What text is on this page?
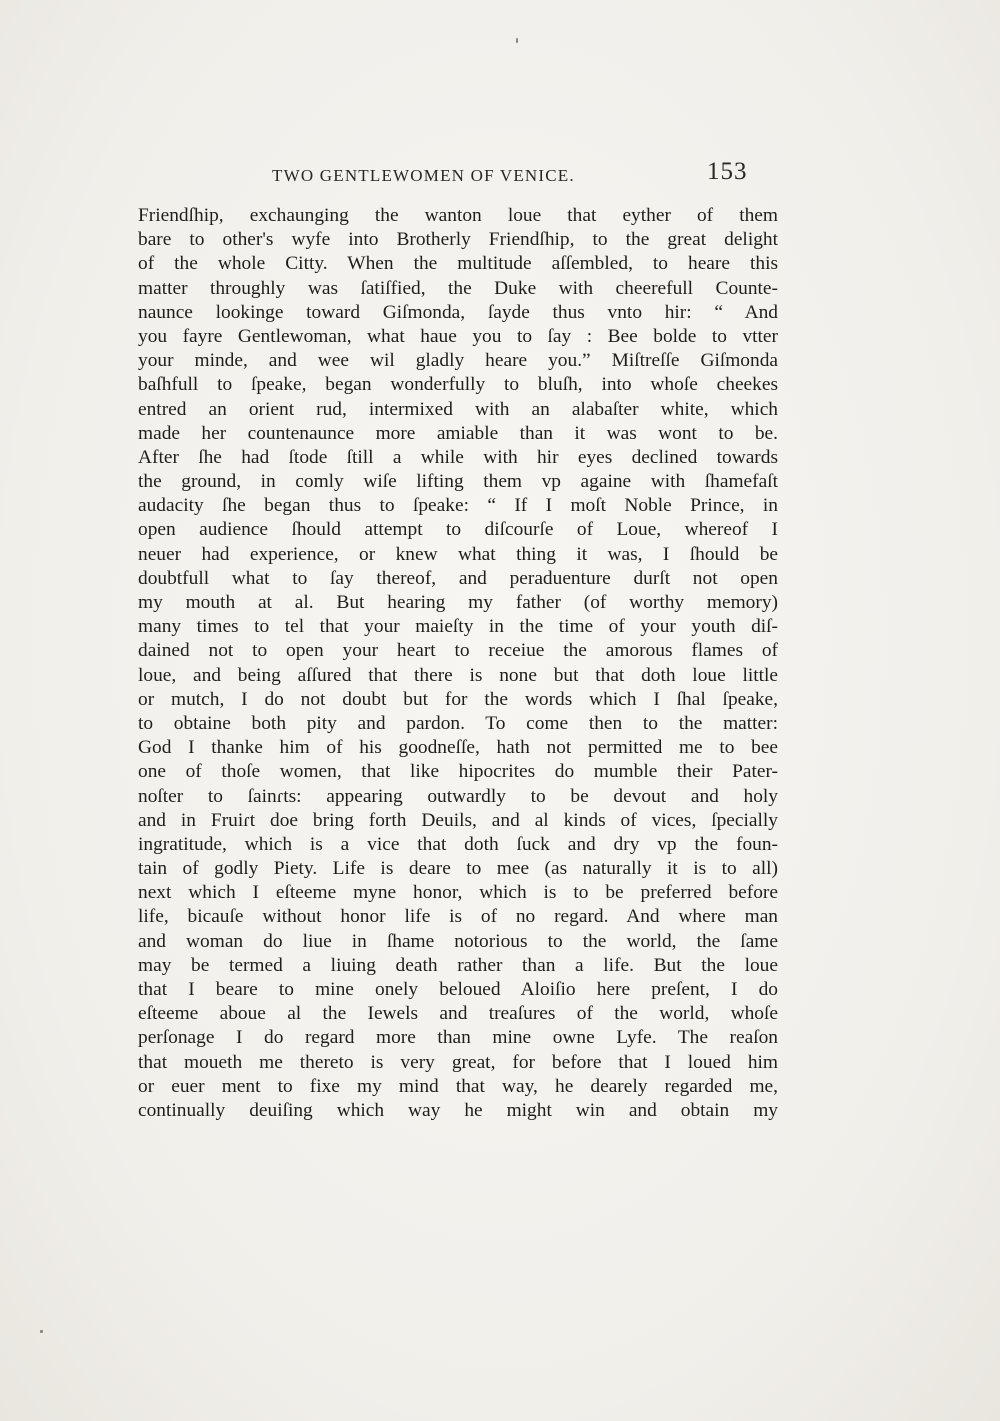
TWO GENTLEWOMEN OF VENICE.	153
Friendſhip, exchaunging the wanton loue that eyther of them
bare to other's wyfe into Brotherly Friendſhip, to the great delight
of the whole Citty. When the multitude aſſembled, to heare this
matter throughly was ſatiſfied, the Duke with cheerefull Counte-
naunce lookinge toward Giſmonda, ſayde thus vnto hir: “ And
you fayre Gentlewoman, what haue you to ſay : Bee bolde to vtter
your minde, and wee wil gladly heare you.” Miſtreſſe Giſmonda
baſhfull to ſpeake, began wonderfully to bluſh, into whoſe cheekes
entred an orient rud, intermixed with an alabaſter white, which
made her countenaunce more amiable than it was wont to be.
After ſhe had ſtode ſtill a while with hir eyes declined towards
the ground, in comly wiſe lifting them vp againe with ſhamefaſt
audacity ſhe began thus to ſpeake: “ If I moſt Noble Prince, in
open audience ſhould attempt to diſcourſe of Loue, whereof I
neuer had experience, or knew what thing it was, I ſhould be
doubtfull what to ſay thereof, and peraduenture durſt not open
my mouth at al. But hearing my father (of worthy memory)
many times to tel that your maieſty in the time of your youth diſ-
dained not to open your heart to receiue the amorous flames of
loue, and being aſſured that there is none but that doth loue little
or mutch, I do not doubt but for the words which I ſhal ſpeake,
to obtaine both pity and pardon. To come then to the matter:
God I thanke him of his goodneſſe, hath not permitted me to bee
one of thoſe women, that like hipocrites do mumble their Pater-
noſter to ſainɾts: appearing outwardly to be devout and holy
and in Fruiɾt doe bring forth Deuils, and al kinds of vices, ſpecially
ingratitude, which is a vice that doth ſuck and dry vp the foun-
tain of godly Piety. Life is deare to mee (as naturally it is to all)
next which I eſteeme myne honor, which is to be preferred before
life, bicauſe without honor life is of no regard. And where man
and woman do liue in ſhame notorious to the world, the ſame
may be termed a liuing death rather than a life. But the loue
that I beare to mine onely beloued Aloiſio here preſent, I do
eſteeme aboue al the Iewels and treaſures of the world, whoſe
perſonage I do regard more than mine owne Lyfe. The reaſon
that moueth me thereto is very great, for before that I loued him
or euer ment to fixe my mind that way, he dearely regarded me,
continually deuiſing which way he might win and obtain my
